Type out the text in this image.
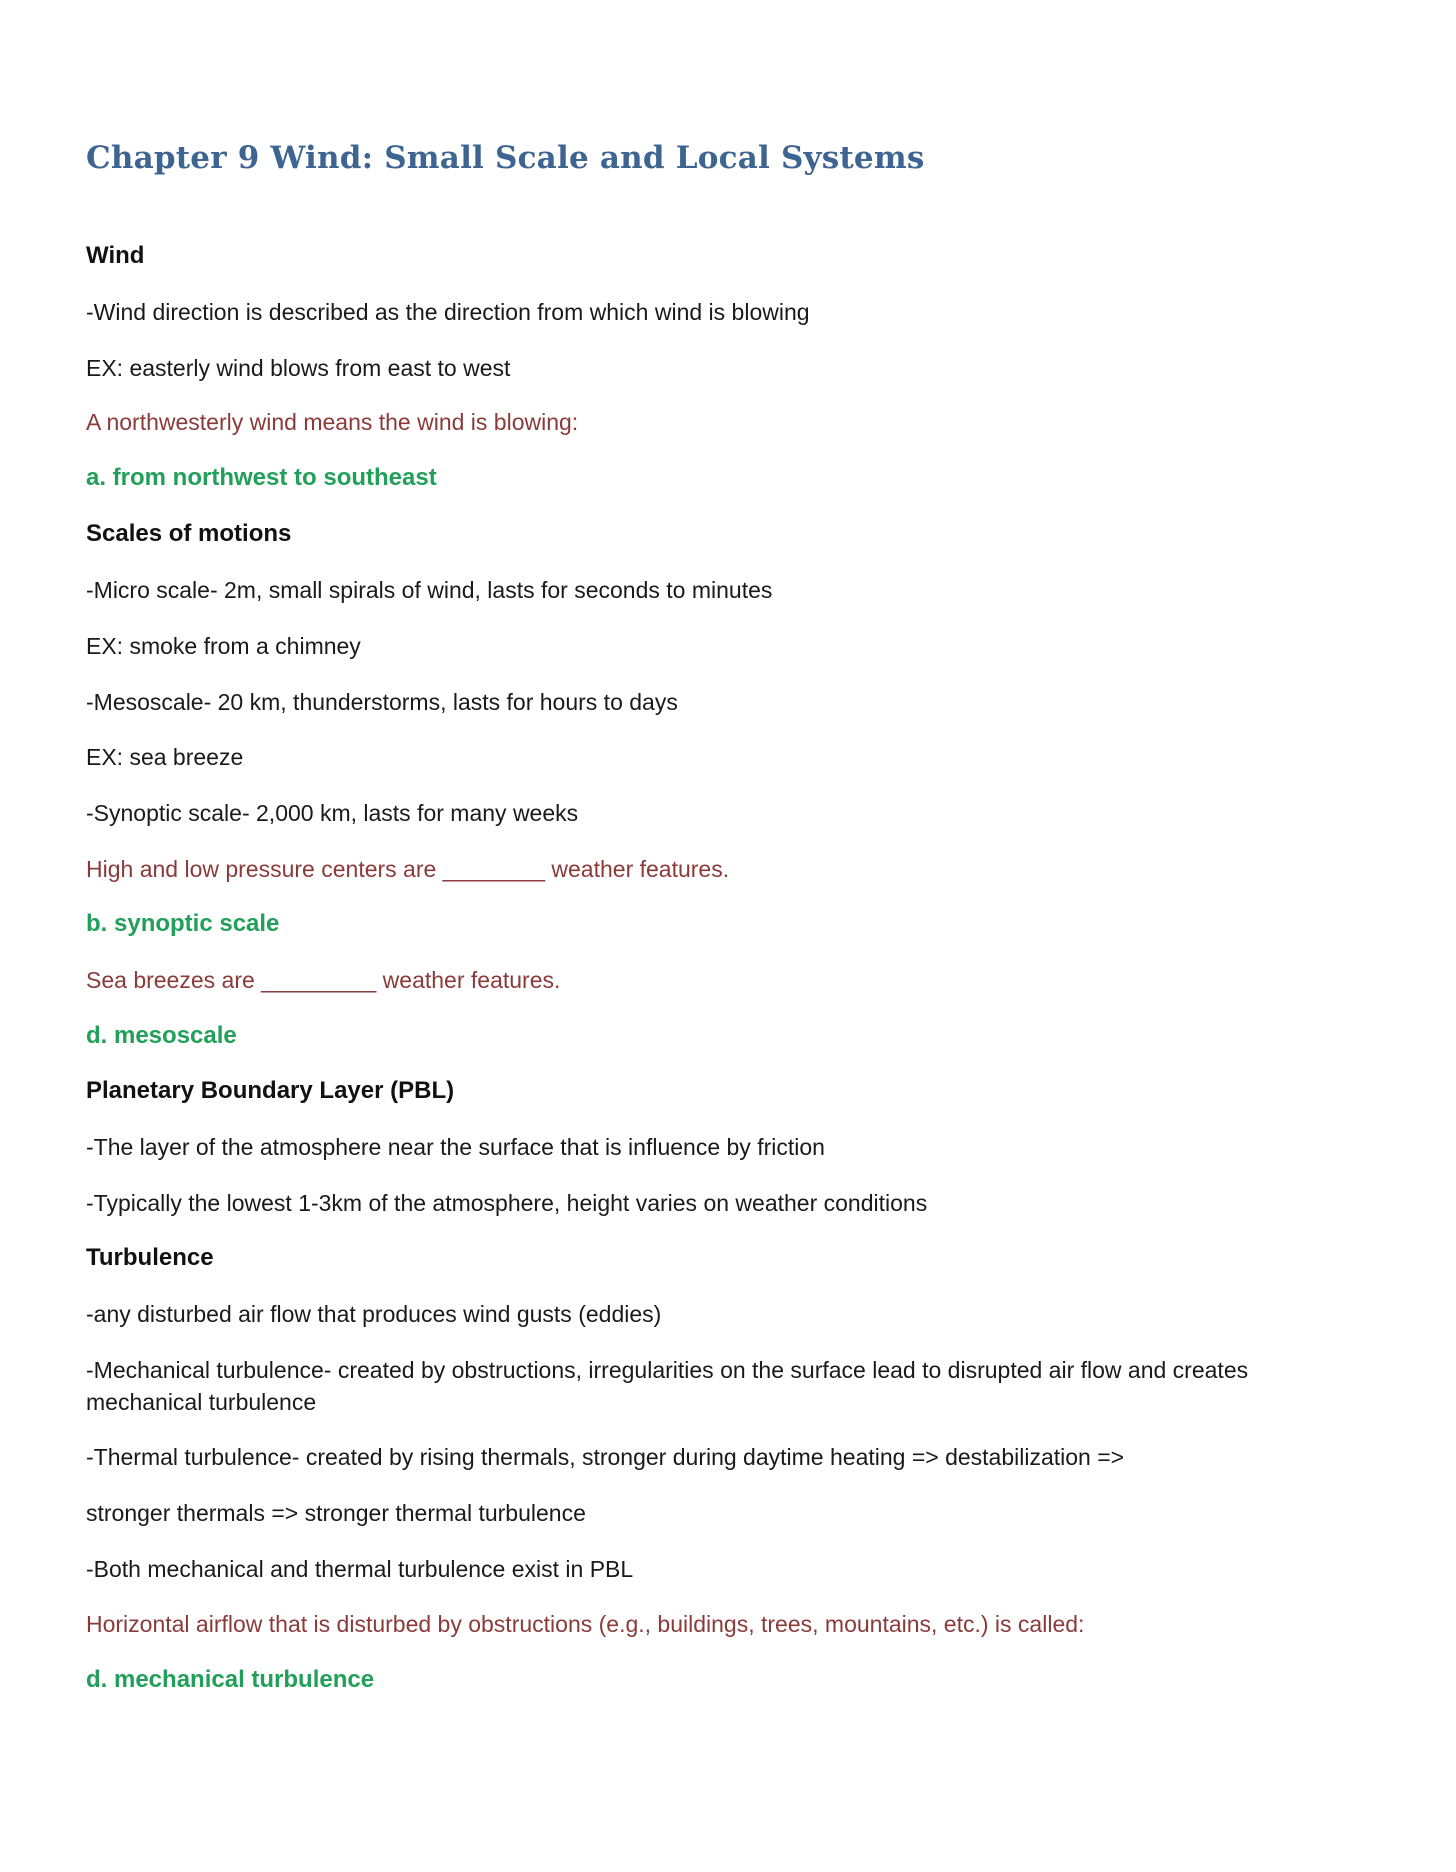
Chapter 9 Wind: Small Scale and Local Systems

Wind

-Wind direction is described as the direction from which wind is blowing

EX: easterly wind blows from east to west

A northwesterly wind means the wind is blowing:

a. from northwest to southeast

Scales of motions

-Micro scale- 2m, small spirals of wind, lasts for seconds to minutes

EX: smoke from a chimney

-Mesoscale- 20 km, thunderstorms, lasts for hours to days

EX: sea breeze

-Synoptic scale- 2,000 km, lasts for many weeks

High and low pressure centers are ________ weather features.

b. synoptic scale

Sea breezes are _________ weather features.

d. mesoscale

Planetary Boundary Layer (PBL)

-The layer of the atmosphere near the surface that is influence by friction

-Typically the lowest 1-3km of the atmosphere, height varies on weather conditions

Turbulence

-any disturbed air flow that produces wind gusts (eddies)

-Mechanical turbulence- created by obstructions, irregularities on the surface lead to disrupted air flow and creates mechanical turbulence

-Thermal turbulence- created by rising thermals, stronger during daytime heating => destabilization =>

stronger thermals => stronger thermal turbulence

-Both mechanical and thermal turbulence exist in PBL

Horizontal airflow that is disturbed by obstructions (e.g., buildings, trees, mountains, etc.) is called:

d. mechanical turbulence
